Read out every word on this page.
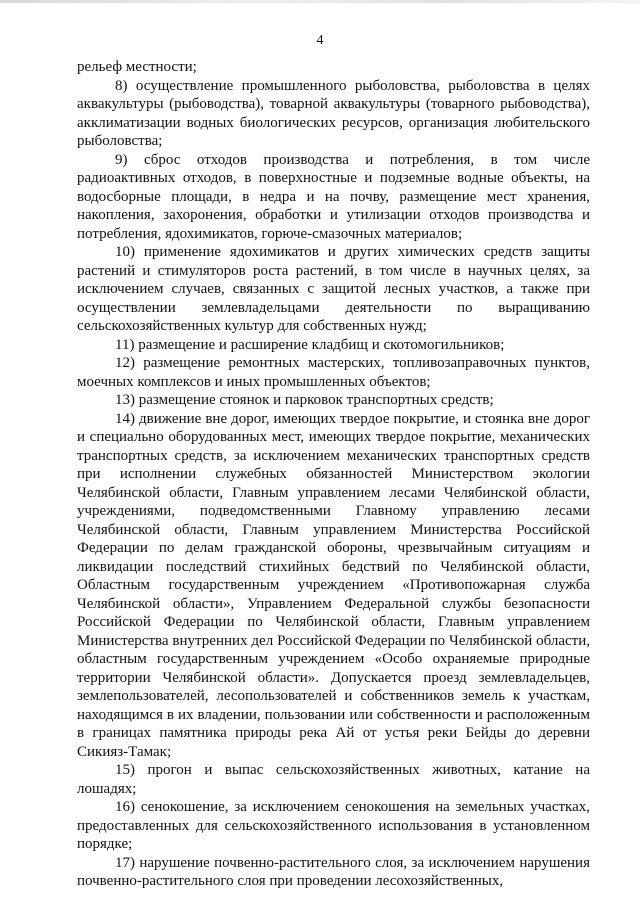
4

рельеф местности;

8) осуществление промышленного рыболовства, рыболовства в целях аквакультуры (рыбоводства), товарной аквакультуры (товарного рыбоводства), акклиматизации водных биологических ресурсов, организация любительского рыболовства;

9) сброс отходов производства и потребления, в том числе радиоактивных отходов, в поверхностные и подземные водные объекты, на водосборные площади, в недра и на почву, размещение мест хранения, накопления, захоронения, обработки и утилизации отходов производства и потребления, ядохимикатов, горюче-смазочных материалов;

10) применение ядохимикатов и других химических средств защиты растений и стимуляторов роста растений, в том числе в научных целях, за исключением случаев, связанных с защитой лесных участков, а также при осуществлении землевладельцами деятельности по выращиванию сельскохозяйственных культур для собственных нужд;

11) размещение и расширение кладбищ и скотомогильников;

12) размещение ремонтных мастерских, топливозаправочных пунктов, моечных комплексов и иных промышленных объектов;

13) размещение стоянок и парковок транспортных средств;

14) движение вне дорог, имеющих твердое покрытие, и стоянка вне дорог и специально оборудованных мест, имеющих твердое покрытие, механических транспортных средств, за исключением механических транспортных средств при исполнении служебных обязанностей Министерством экологии Челябинской области, Главным управлением лесами Челябинской области, учреждениями, подведомственными Главному управлению лесами Челябинской области, Главным управлением Министерства Российской Федерации по делам гражданской обороны, чрезвычайным ситуациям и ликвидации последствий стихийных бедствий по Челябинской области, Областным государственным учреждением «Противопожарная служба Челябинской области», Управлением Федеральной службы безопасности Российской Федерации по Челябинской области, Главным управлением Министерства внутренних дел Российской Федерации по Челябинской области, областным государственным учреждением «Особо охраняемые природные территории Челябинской области». Допускается проезд землевладельцев, землепользователей, лесопользователей и собственников земель к участкам, находящимся в их владении, пользовании или собственности и расположенным в границах памятника природы река Ай от устья реки Бейды до деревни Сикияз-Тамак;

15) прогон и выпас сельскохозяйственных животных, катание на лошадях;

16) сенокошение, за исключением сенокошения на земельных участках, предоставленных для сельскохозяйственного использования в установленном порядке;

17) нарушение почвенно-растительного слоя, за исключением нарушения почвенно-растительного слоя при проведении лесохозяйственных,
